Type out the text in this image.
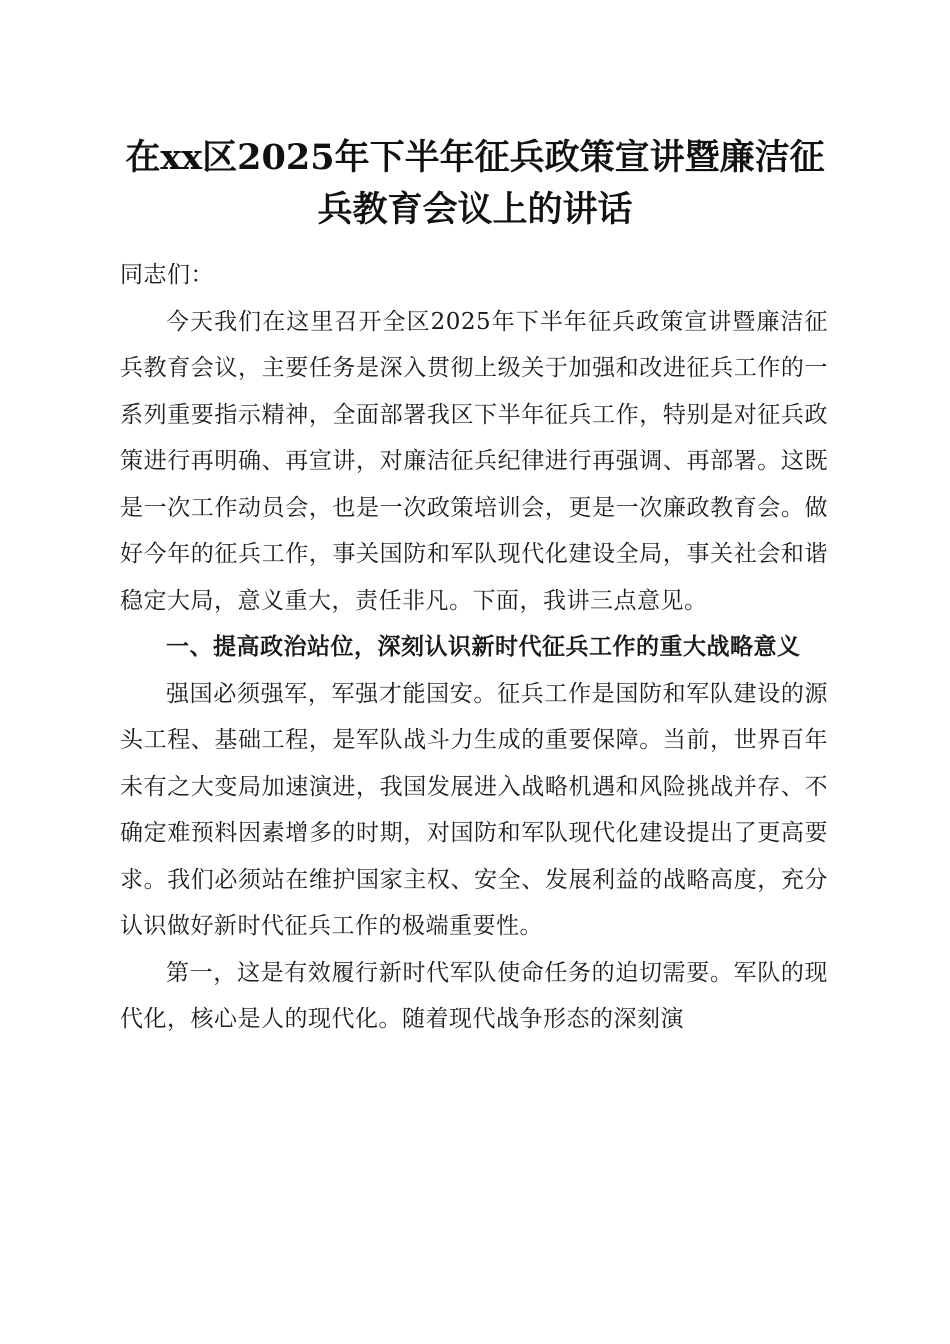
在xx区2025年下半年征兵政策宣讲暨廉洁征
兵教育会议上的讲话

同志们：

今天我们在这里召开全区2025年下半年征兵政策宣讲暨廉洁征兵教育会议，主要任务是深入贯彻上级关于加强和改进征兵工作的一系列重要指示精神，全面部署我区下半年征兵工作，特别是对征兵政策进行再明确、再宣讲，对廉洁征兵纪律进行再强调、再部署。这既是一次工作动员会，也是一次政策培训会，更是一次廉政教育会。做好今年的征兵工作，事关国防和军队现代化建设全局，事关社会和谐稳定大局，意义重大，责任非凡。下面，我讲三点意见。

一、提高政治站位，深刻认识新时代征兵工作的重大战略意义

强国必须强军，军强才能国安。征兵工作是国防和军队建设的源头工程、基础工程，是军队战斗力生成的重要保障。当前，世界百年未有之大变局加速演进，我国发展进入战略机遇和风险挑战并存、不确定难预料因素增多的时期，对国防和军队现代化建设提出了更高要求。我们必须站在维护国家主权、安全、发展利益的战略高度，充分认识做好新时代征兵工作的极端重要性。

第一，这是有效履行新时代军队使命任务的迫切需要。军队的现代化，核心是人的现代化。随着现代战争形态的深刻演
